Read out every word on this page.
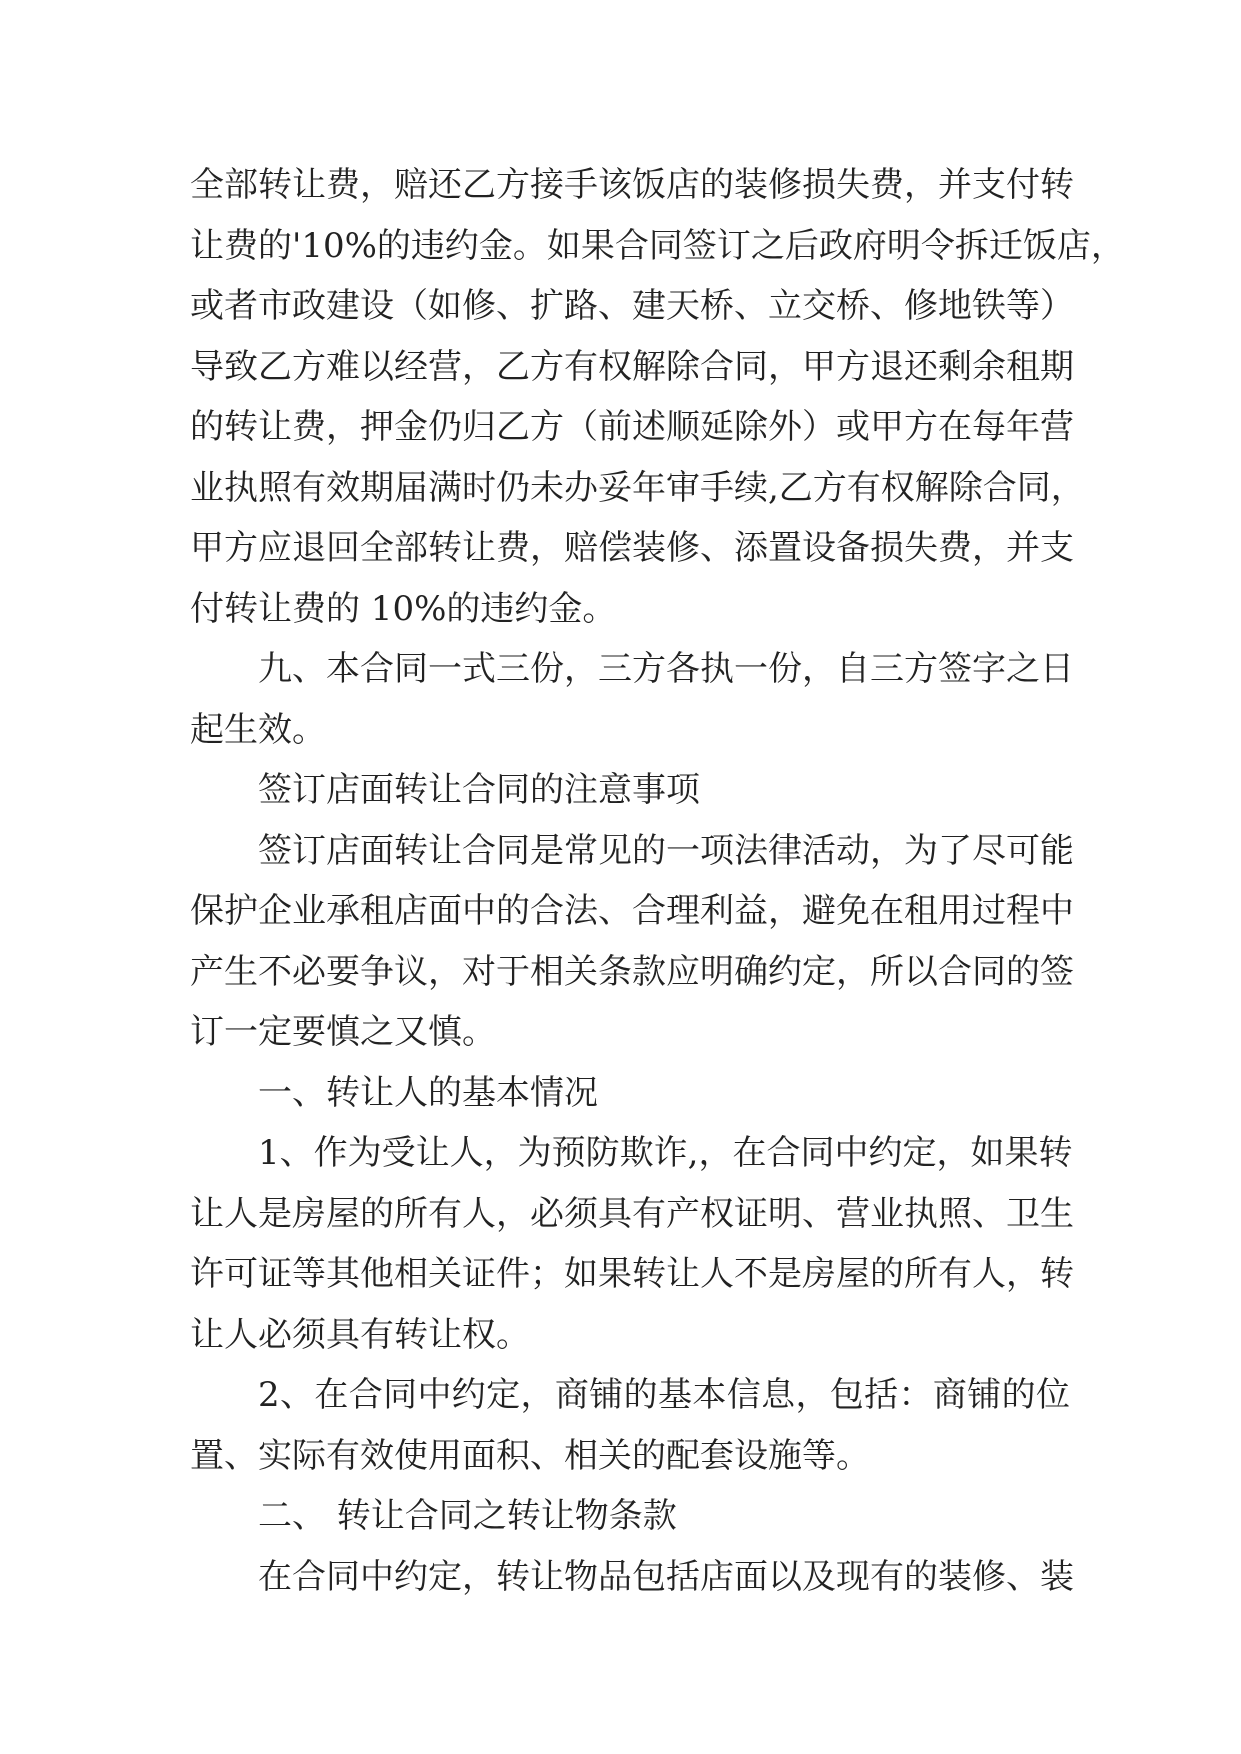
全部转让费，赔还乙方接手该饭店的装修损失费，并支付转
让费的'10%的违约金。如果合同签订之后政府明令拆迁饭店，
或者市政建设（如修、扩路、建天桥、立交桥、修地铁等）
导致乙方难以经营，乙方有权解除合同，甲方退还剩余租期
的转让费，押金仍归乙方（前述顺延除外）或甲方在每年营
业执照有效期届满时仍未办妥年审手续,乙方有权解除合同，
甲方应退回全部转让费，赔偿装修、添置设备损失费，并支
付转让费的 10%的违约金。
九、本合同一式三份，三方各执一份，自三方签字之日
起生效。
签订店面转让合同的注意事项
签订店面转让合同是常见的一项法律活动，为了尽可能
保护企业承租店面中的合法、合理利益，避免在租用过程中
产生不必要争议，对于相关条款应明确约定，所以合同的签
订一定要慎之又慎。
一、转让人的基本情况
1、作为受让人，为预防欺诈,，在合同中约定，如果转
让人是房屋的所有人，必须具有产权证明、营业执照、卫生
许可证等其他相关证件；如果转让人不是房屋的所有人，转
让人必须具有转让权。
2、在合同中约定，商铺的基本信息，包括：商铺的位
置、实际有效使用面积、相关的配套设施等。
二、 转让合同之转让物条款
在合同中约定，转让物品包括店面以及现有的装修、装
